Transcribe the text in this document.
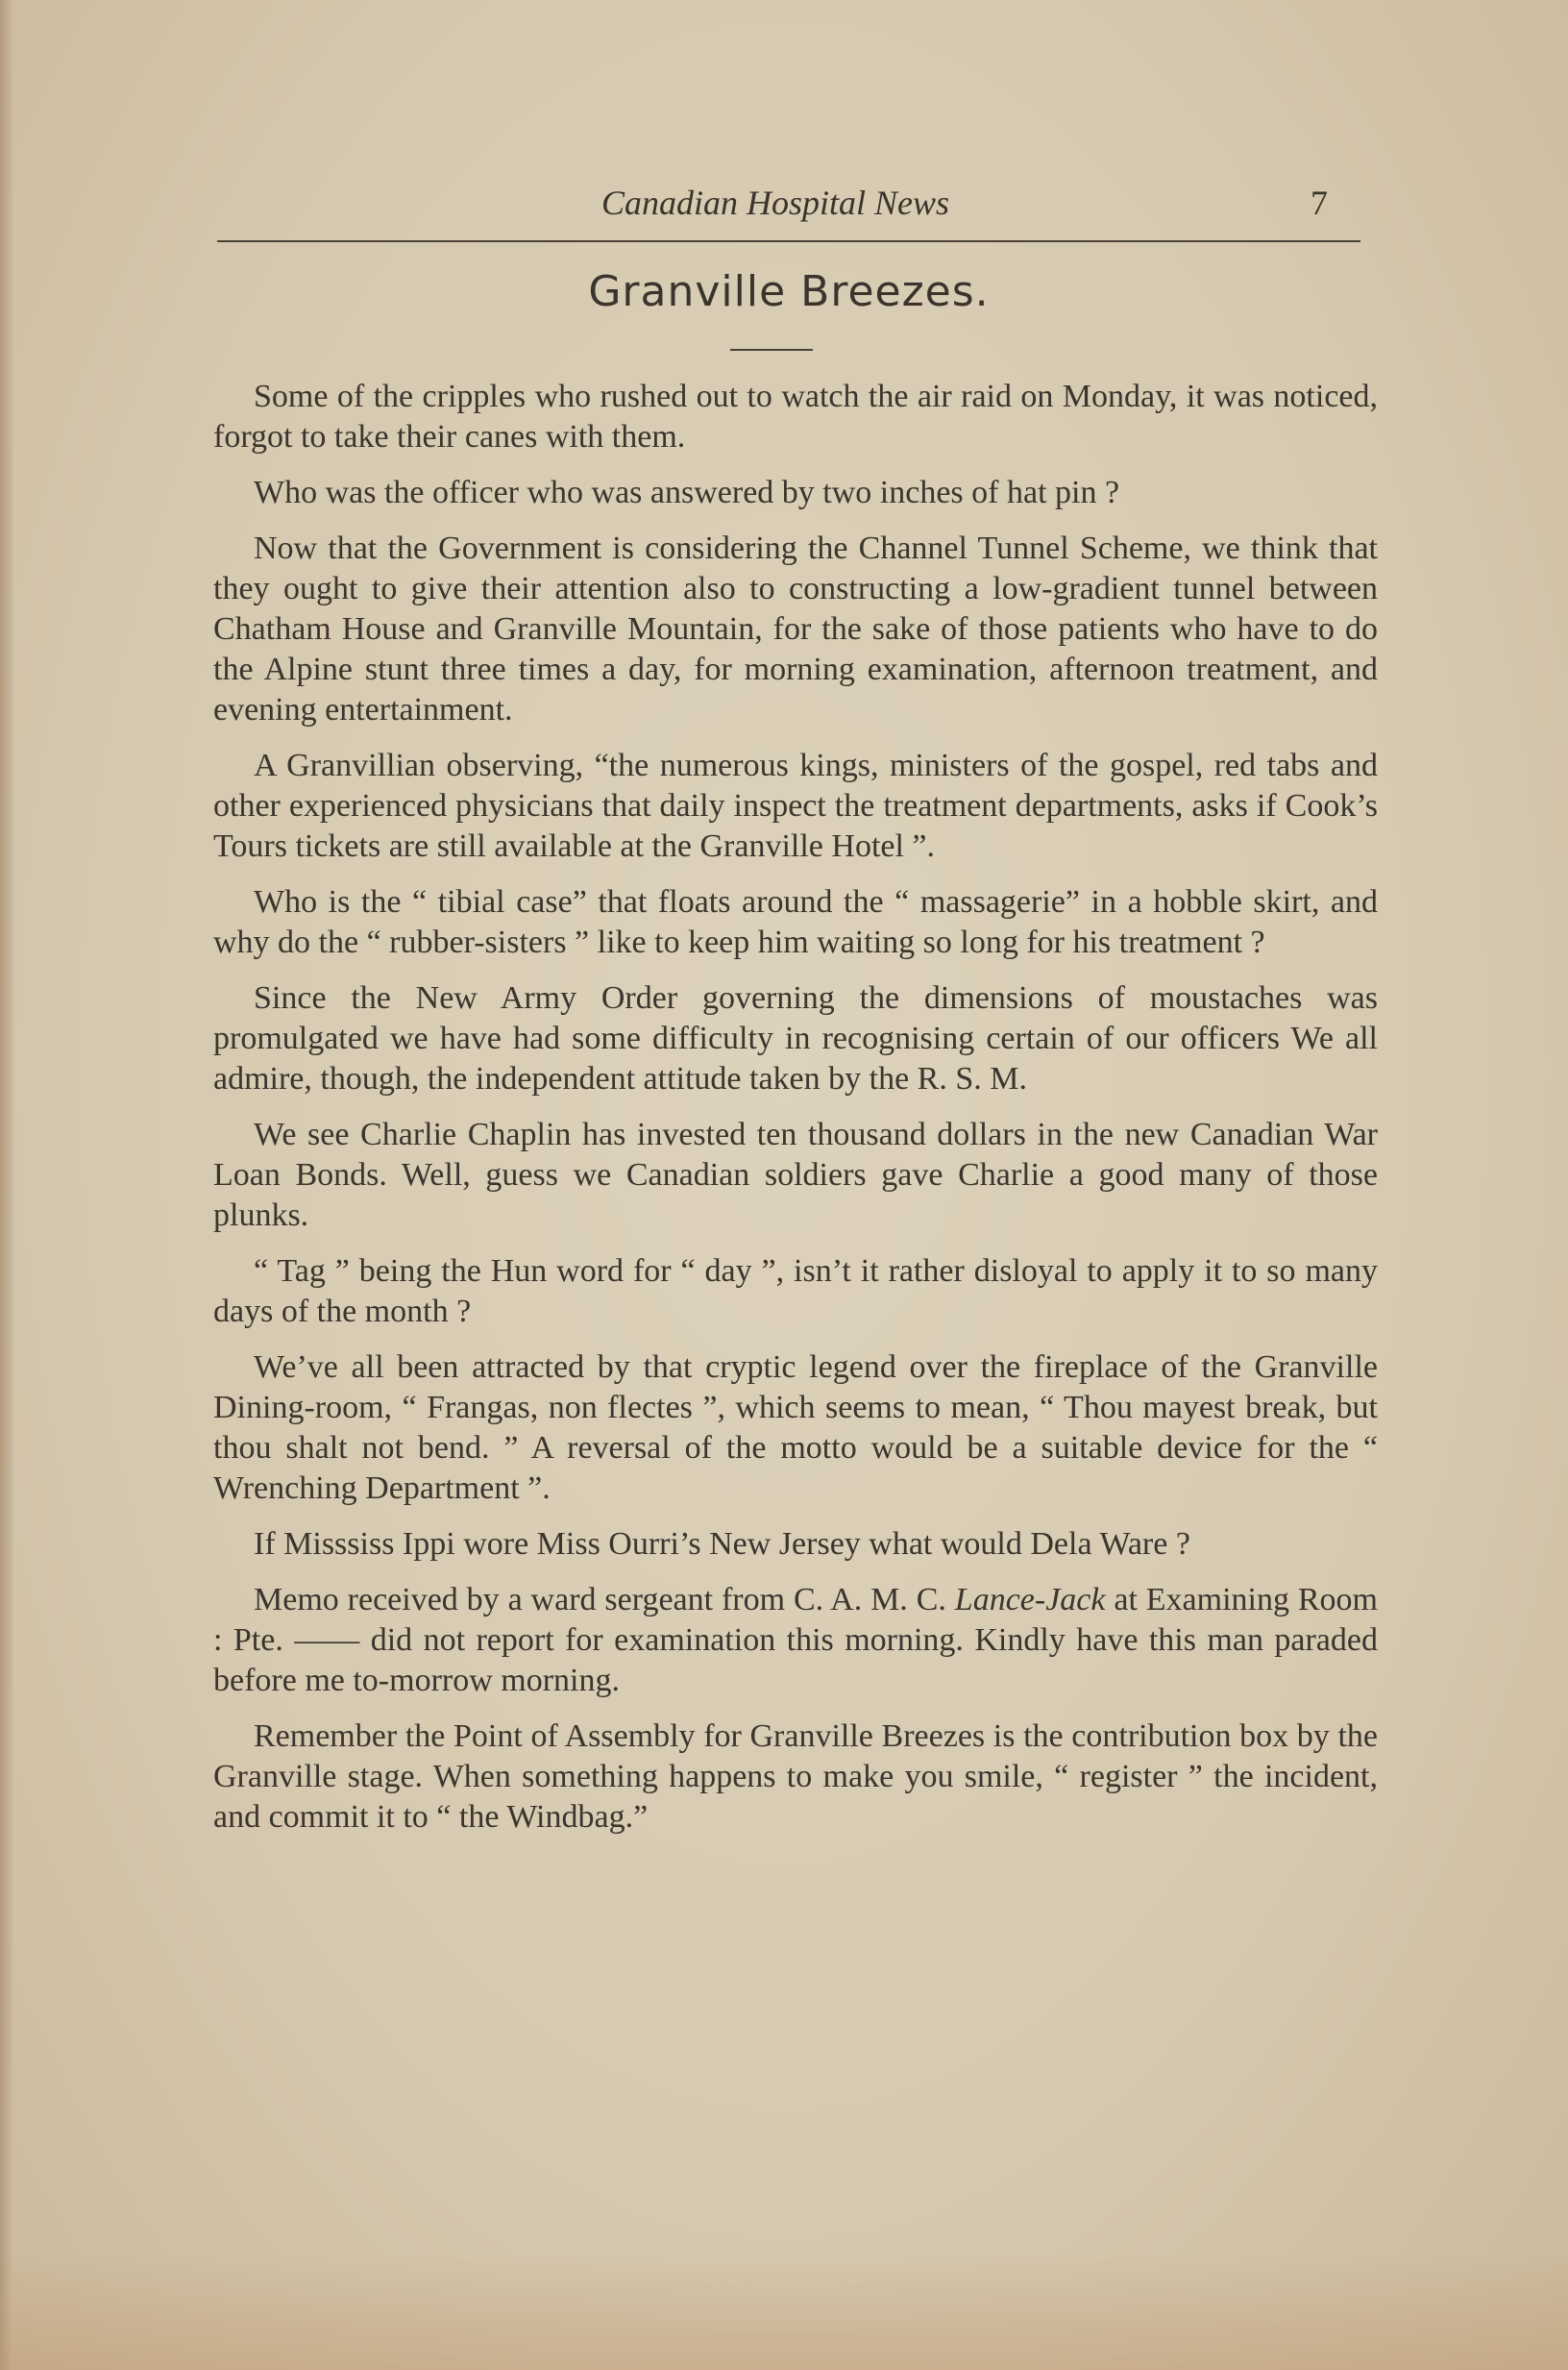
Canadian Hospital News	7
Granville Breezes.

Some of the cripples who rushed out to watch the air raid on Monday, it was noticed, forgot to take their canes with them.

Who was the officer who was answered by two inches of hat pin ?

Now that the Government is considering the Channel Tunnel Scheme, we think that they ought to give their attention also to constructing a low-gradient tunnel between Chatham House and Granville Mountain, for the sake of those patients who have to do the Alpine stunt three times a day, for morning examination, afternoon treatment, and evening entertainment.

A Granvillian observing, “the numerous kings, ministers of the gospel, red tabs and other experienced physicians that daily inspect the treatment departments, asks if Cook’s Tours tickets are still available at the Granville Hotel ”.

Who is the “ tibial case” that floats around the “ massagerie” in a hobble skirt, and why do the “ rubber-sisters ” like to keep him waiting so long for his treatment ?

Since the New Army Order governing the dimensions of moustaches was promulgated we have had some difficulty in recognising certain of our officers We all admire, though, the independent attitude taken by the R. S. M.

We see Charlie Chaplin has invested ten thousand dollars in the new Canadian War Loan Bonds. Well, guess we Canadian soldiers gave Charlie a good many of those plunks.

“ Tag ” being the Hun word for “ day ”, isn’t it rather disloyal to apply it to so many days of the month ?

We’ve all been attracted by that cryptic legend over the fireplace of the Granville Dining-room, “ Frangas, non flectes ”, which seems to mean, “ Thou mayest break, but thou shalt not bend. ” A reversal of the motto would be a suitable device for the “ Wrenching Department ”.

If Misssiss Ippi wore Miss Ourri’s New Jersey what would Dela Ware ?

Memo received by a ward sergeant from C. A. M. C. Lance-Jack at Examining Room : Pte. —— did not report for examination this morning. Kindly have this man paraded before me to-morrow morning.

Remember the Point of Assembly for Granville Breezes is the contribution box by the Granville stage. When something happens to make you smile, “ register ” the incident, and commit it to “ the Windbag.”
